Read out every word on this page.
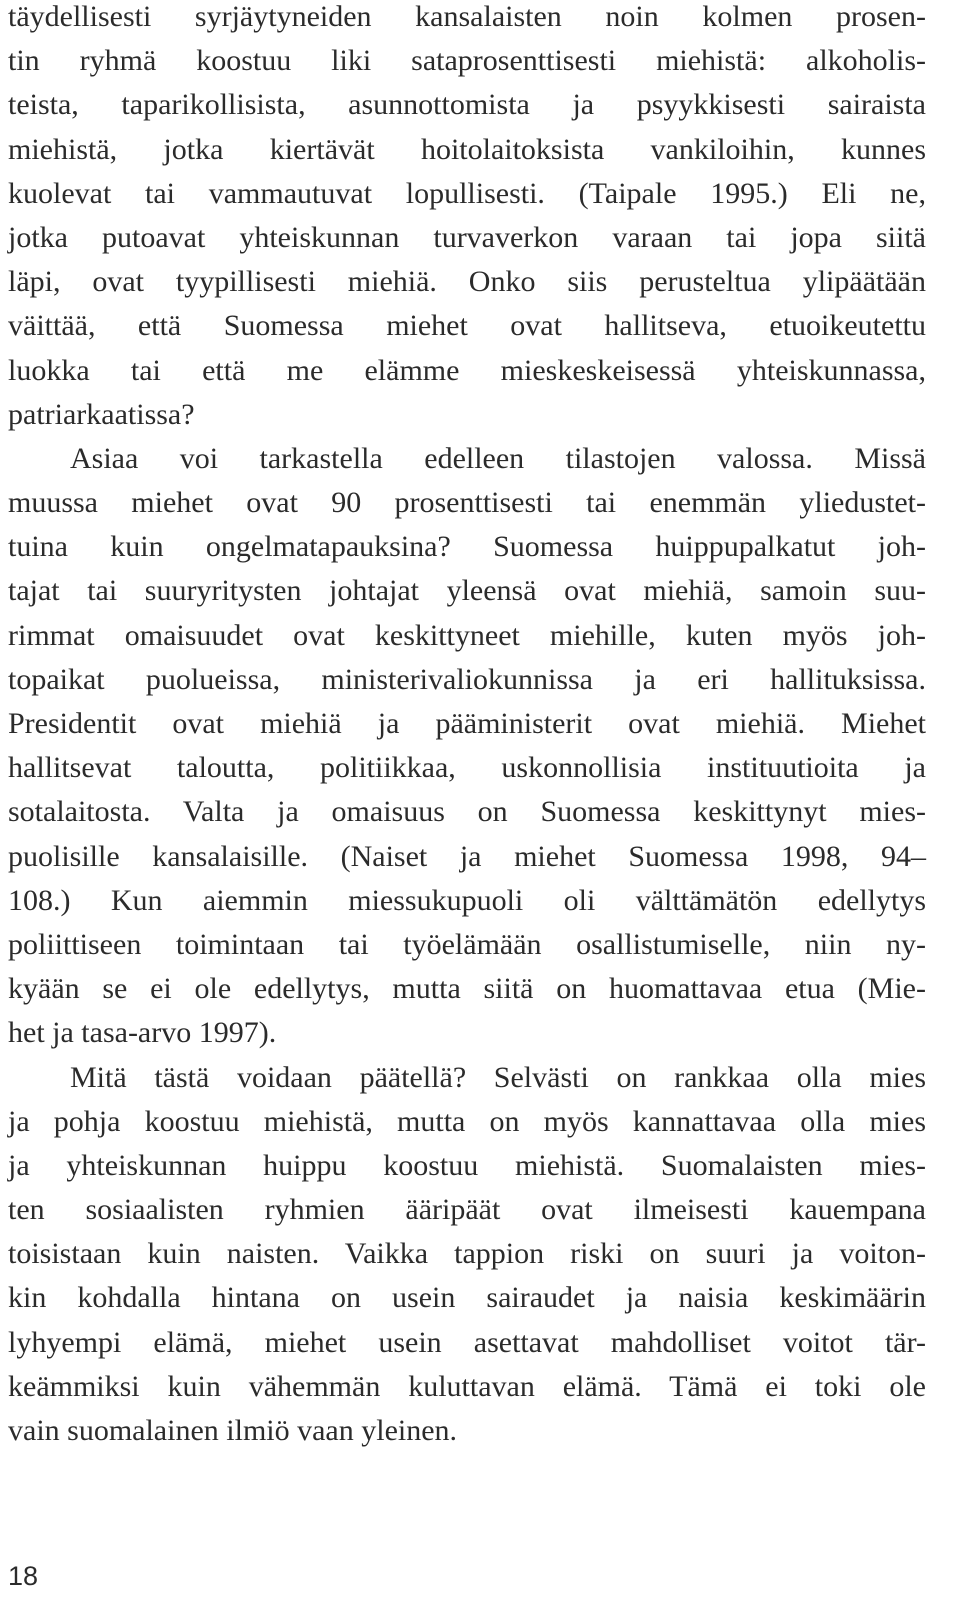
täydellisesti syrjäytyneiden kansalaisten noin kolmen prosen-
tin ryhmä koostuu liki sataprosenttisesti miehistä: alkoholis-
teista, taparikollisista, asunnottomista ja psyykkisesti sairaista
miehistä, jotka kiertävät hoitolaitoksista vankiloihin, kunnes
kuolevat tai vammautuvat lopullisesti. (Taipale 1995.) Eli ne,
jotka putoavat yhteiskunnan turvaverkon varaan tai jopa siitä
läpi, ovat tyypillisesti miehiä. Onko siis perusteltua ylipäätään
väittää, että Suomessa miehet ovat hallitseva, etuoikeutettu
luokka tai että me elämme mieskeskeisessä yhteiskunnassa,
patriarkaatissa?
Asiaa voi tarkastella edelleen tilastojen valossa. Missä
muussa miehet ovat 90 prosenttisesti tai enemmän yliedustet-
tuina kuin ongelmatapauksina? Suomessa huippupalkatut joh-
tajat tai suuryritysten johtajat yleensä ovat miehiä, samoin suu-
rimmat omaisuudet ovat keskittyneet miehille, kuten myös joh-
topaikat puolueissa, ministerivaliokunnissa ja eri hallituksissa.
Presidentit ovat miehiä ja pääministerit ovat miehiä. Miehet
hallitsevat taloutta, politiikkaa, uskonnollisia instituutioita ja
sotalaitosta. Valta ja omaisuus on Suomessa keskittynyt mies-
puolisille kansalaisille. (Naiset ja miehet Suomessa 1998, 94–
108.) Kun aiemmin miessukupuoli oli välttämätön edellytys
poliittiseen toimintaan tai työelämään osallistumiselle, niin ny-
kyään se ei ole edellytys, mutta siitä on huomattavaa etua (Mie-
het ja tasa-arvo 1997).
Mitä tästä voidaan päätellä? Selvästi on rankkaa olla mies
ja pohja koostuu miehistä, mutta on myös kannattavaa olla mies
ja yhteiskunnan huippu koostuu miehistä. Suomalaisten mies-
ten sosiaalisten ryhmien ääripäät ovat ilmeisesti kauempana
toisistaan kuin naisten. Vaikka tappion riski on suuri ja voiton-
kin kohdalla hintana on usein sairaudet ja naisia keskimäärin
lyhyempi elämä, miehet usein asettavat mahdolliset voitot tär-
keämmiksi kuin vähemmän kuluttavan elämä. Tämä ei toki ole
vain suomalainen ilmiö vaan yleinen.
18
